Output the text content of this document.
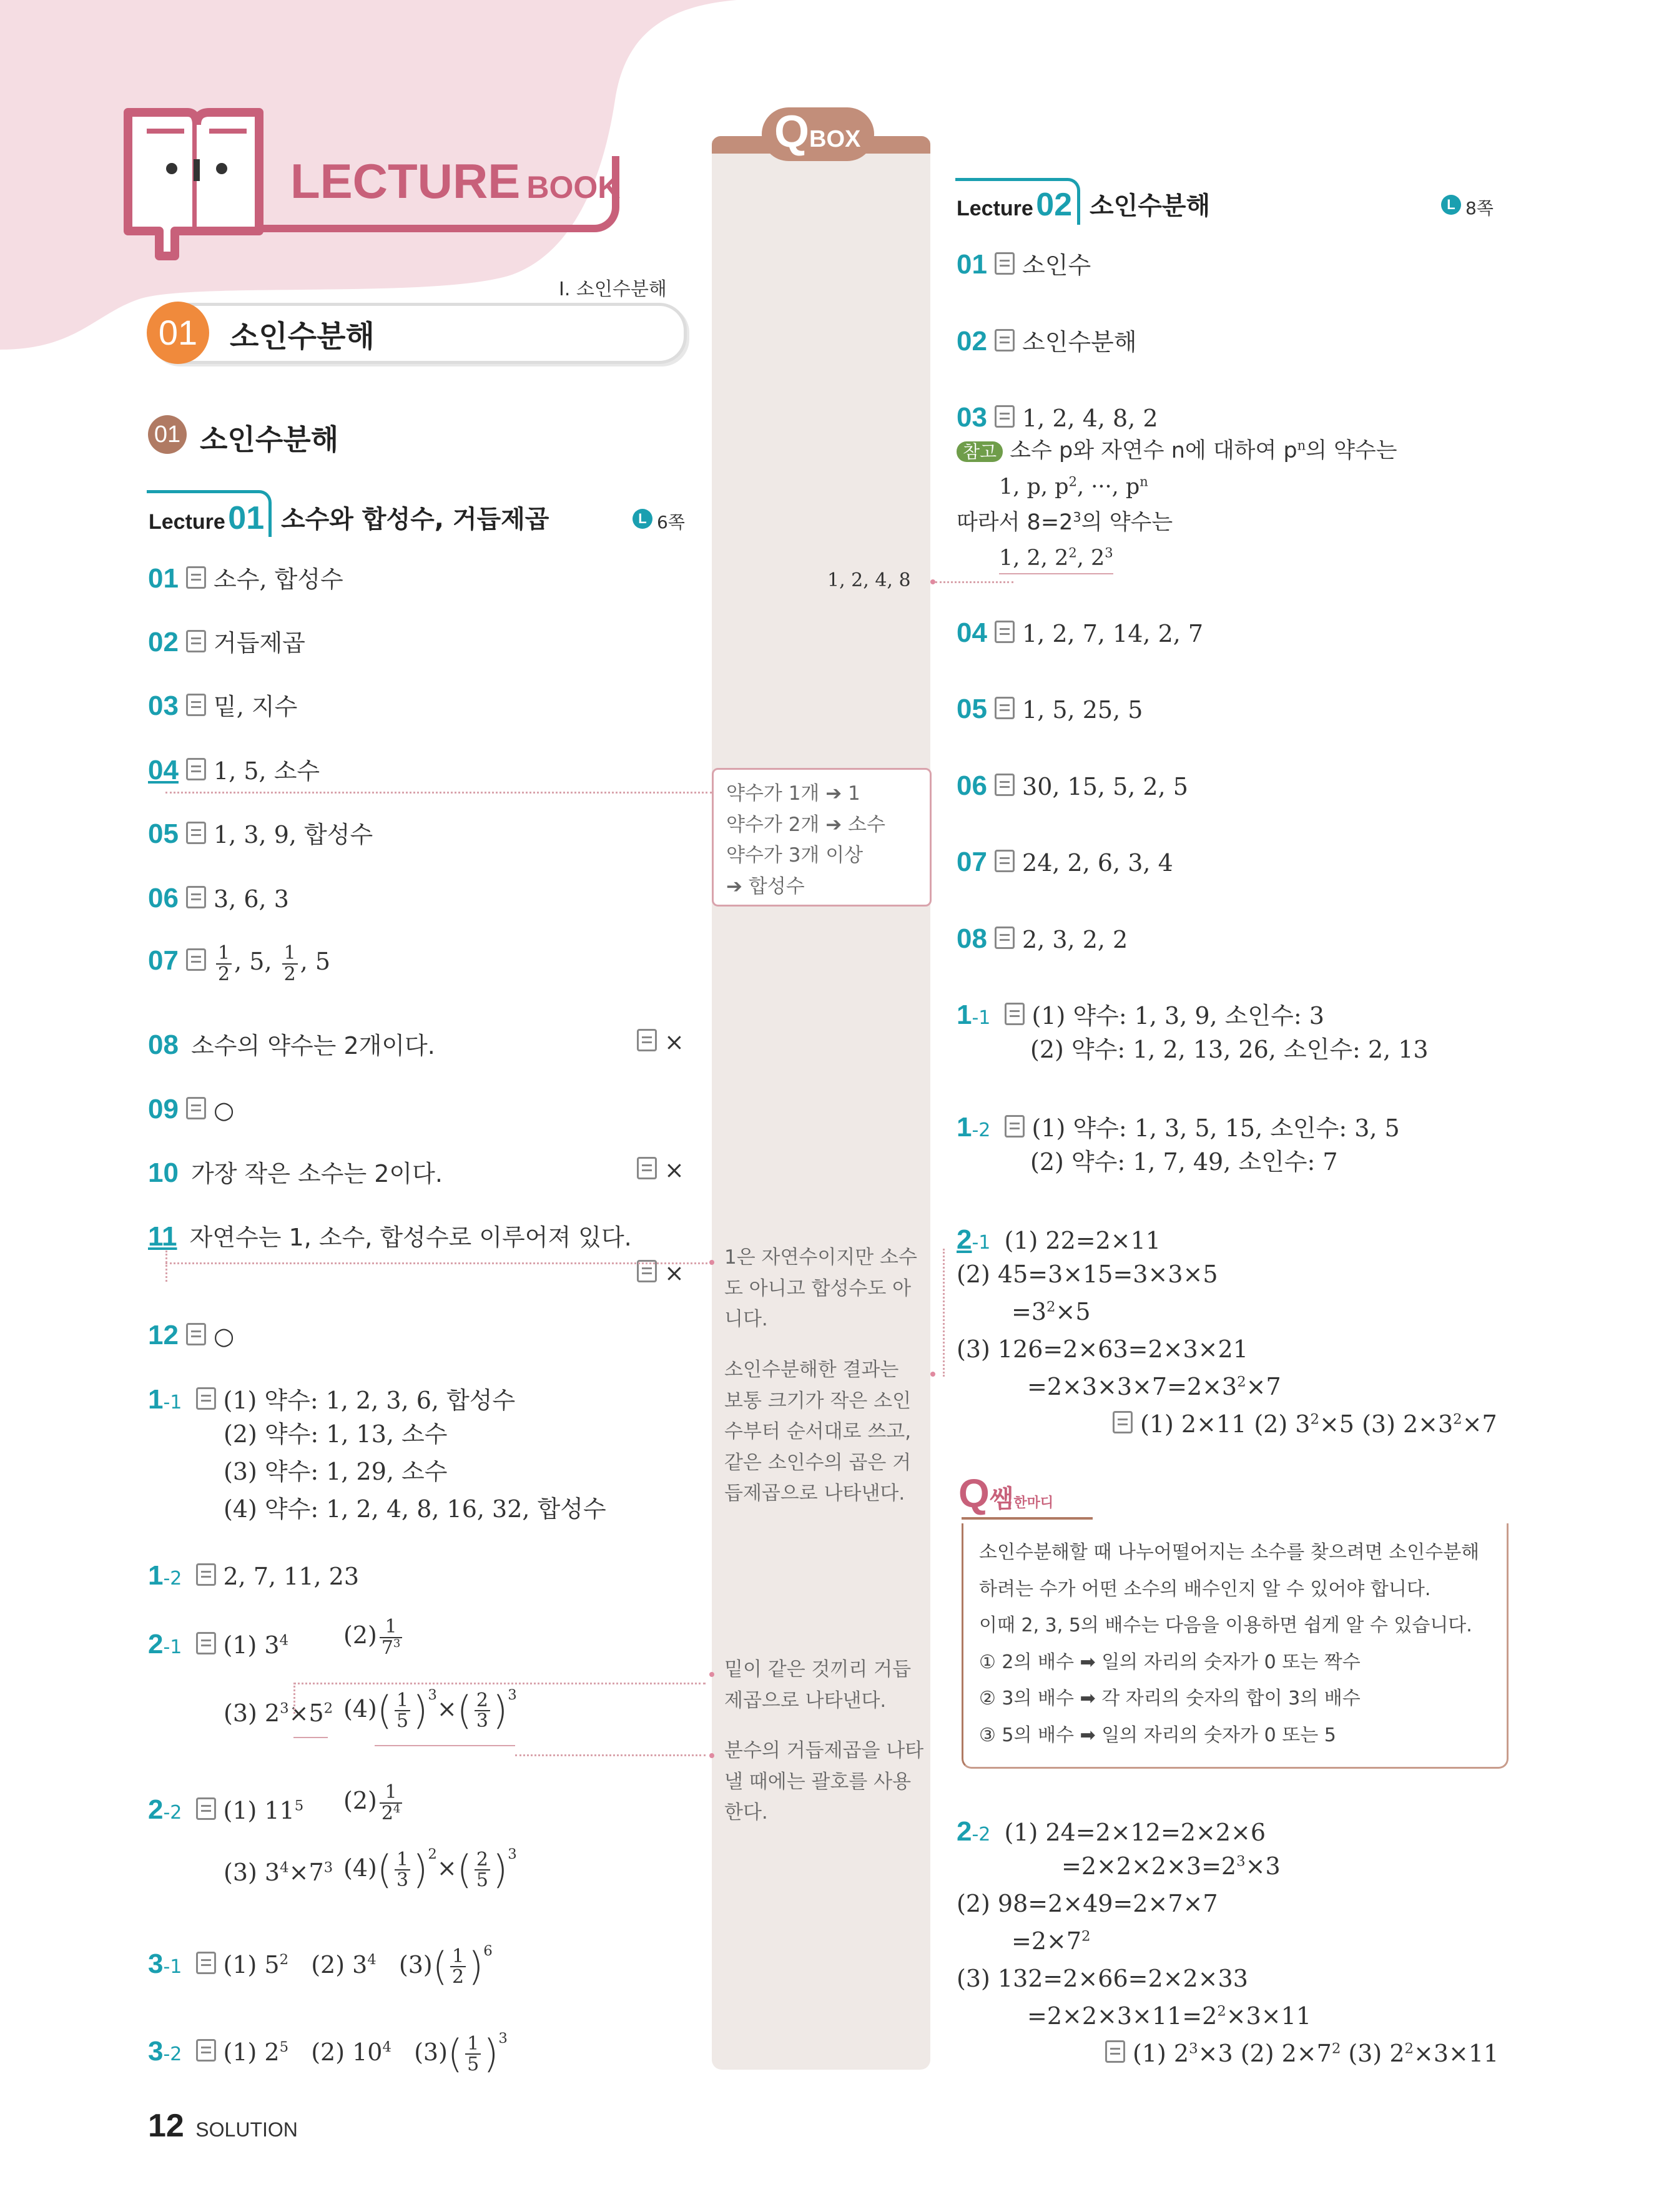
LECTURE BOOK
I. 소인수분해
01	소인수분해
01 소인수분해
Lecture 01 소수와 합성수, 거듭제곱	L 6쪽
01 소수, 합성수
02 거듭제곱
03 밑, 지수
04 1, 5, 소수
05 1, 3, 9, 합성수
06 3, 6, 3
$07 \frac{1}{2}$ , 5, $\frac{1}{2}$ , 5
08 소수의 약수는 2개이다.	×
09 ○
10 가장 작은 소수는 2이다.	×
11 자연수는 1, 소수, 합성수로 이루어져 있다.
×
12 ○
1-1 (1) 약수: 1, 2, 3, 6, 합성수
(2) 약수: 1, 13, 소수
(3) 약수: 1, 29, 소수
(4) 약수: 1, 2, 4, 8, 16, 32, 합성수
1-2 2, 7, 11, 23
2-1 (1) $3^4$ $(2) \frac{1}{7^3}$
(3) $2^3\times 5^2$ $(4)( \frac{1}{5} )^3\times( \frac{2}{3} )^3$
2-2 (1) $11^5$ $(2) \frac{1}{2^4}$
(3) $3^4\times 7^3$ $(4)( \frac{1}{3} )^2\times( \frac{2}{5} )^3$
3-1 (1) $5^2$ (2) $3^4$ $(3)( \frac{1}{2} )^6$
3-2 (1) $2^5$ (2) $10^4$ $(3)( \frac{1}{5} )^3$
12 SOLUTION
QBOX
1, 2, 4, 8
약수가 1개 ➔ 1
약수가 2개 ➔ 소수
약수가 3개 이상
➔ 합성수
1은 자연수이지만 소수도 아니고 합성수도 아니다.
소인수분해한 결과는 보통 크기가 작은 소인수부터 순서대로 쓰고, 같은 소인수의 곱은 거듭제곱으로 나타낸다.
밑이 같은 것끼리 거듭제곱으로 나타낸다.
분수의 거듭제곱을 나타낼 때에는 괄호를 사용한다.
Lecture 02 소인수분해	L 8쪽
01 소인수
02 소인수분해
03 1, 2, 4, 8, 2
참고 소수 p와 자연수 n에 대하여 $p^n$의 약수는
1, p, $p^2$, ···, $p^n$
따라서 $8=2^3$의 약수는
1, 2, $2^2$, $2^3$
04 1, 2, 7, 14, 2, 7
05 1, 5, 25, 5
06 30, 15, 5, 2, 5
07 24, 2, 6, 3, 4
08 2, 3, 2, 2
1-1 (1) 약수: 1, 3, 9, 소인수: 3
(2) 약수: 1, 2, 13, 26, 소인수: 2, 13
1-2 (1) 약수: 1, 3, 5, 15, 소인수: 3, 5
(2) 약수: 1, 7, 49, 소인수: 7
2-1 (1) 22=2×11
(2) 45=3×15=3×3×5
$=3^2\times 5$
(3) 126=2×63=2×3×21
$=2\times 3\times 3\times 7=2\times 3^2\times 7$
(1) 2×11 (2) $3^2\times 5$ (3) $2\times 3^2\times 7$
Q쌤한마디
소인수분해할 때 나누어떨어지는 소수를 찾으려면 소인수분해
하려는 수가 어떤 소수의 배수인지 알 수 있어야 합니다.
이때 2, 3, 5의 배수는 다음을 이용하면 쉽게 알 수 있습니다.
① 2의 배수 ➡ 일의 자리의 숫자가 0 또는 짝수
② 3의 배수 ➡ 각 자리의 숫자의 합이 3의 배수
③ 5의 배수 ➡ 일의 자리의 숫자가 0 또는 5
2-2 (1) 24=2×12=2×2×6
$=2\times 2\times 2\times 3=2^3\times 3$
(2) 98=2×49=2×7×7
$=2\times 7^2$
(3) 132=2×66=2×2×33
$=2\times 2\times 3\times 11=2^2\times 3\times 11$
(1) $2^3\times 3$ (2) $2\times 7^2$ (3) $2^2\times 3\times 11$
